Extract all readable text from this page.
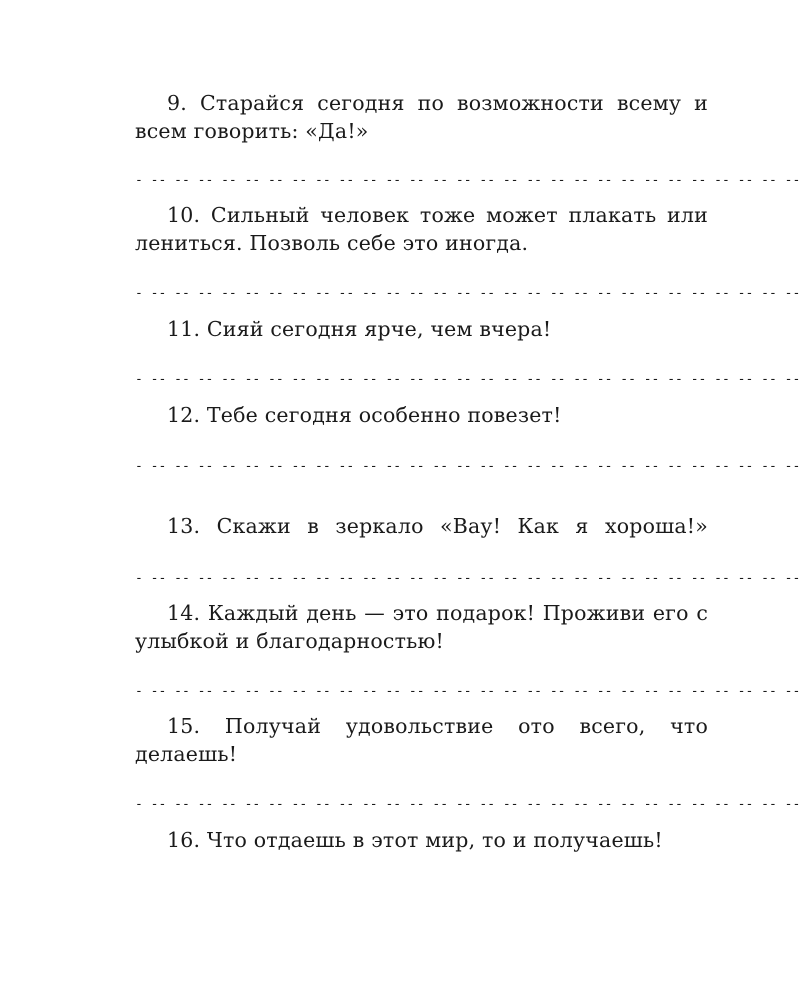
9. Старайся сегодня по возможности всему и всем говорить: «Да!»

- -- -- -- -- -- -- -- -- -- -- -- -- -- -- -- -- -- -- -- -- -- -- -- -- -- -- -- --

10. Сильный человек тоже может плакать или лениться. Позволь себе это иногда.

- -- -- -- -- -- -- -- -- -- -- -- -- -- -- -- -- -- -- -- -- -- -- -- -- -- -- -- --

11. Сияй сегодня ярче, чем вчера!

- -- -- -- -- -- -- -- -- -- -- -- -- -- -- -- -- -- -- -- -- -- -- -- -- -- -- -- --

12. Тебе сегодня особенно повезет!

- -- -- -- -- -- -- -- -- -- -- -- -- -- -- -- -- -- -- -- -- -- -- -- -- -- -- -- --

13. Скажи в зеркало «Вау! Как я хороша!»

- -- -- -- -- -- -- -- -- -- -- -- -- -- -- -- -- -- -- -- -- -- -- -- -- -- -- -- --

14. Каждый день — это подарок! Проживи его с улыбкой и благодарностью!

- -- -- -- -- -- -- -- -- -- -- -- -- -- -- -- -- -- -- -- -- -- -- -- -- -- -- -- --

15. Получай удовольствие ото всего, что делаешь!

- -- -- -- -- -- -- -- -- -- -- -- -- -- -- -- -- -- -- -- -- -- -- -- -- -- -- -- --

16. Что отдаешь в этот мир, то и получаешь!
